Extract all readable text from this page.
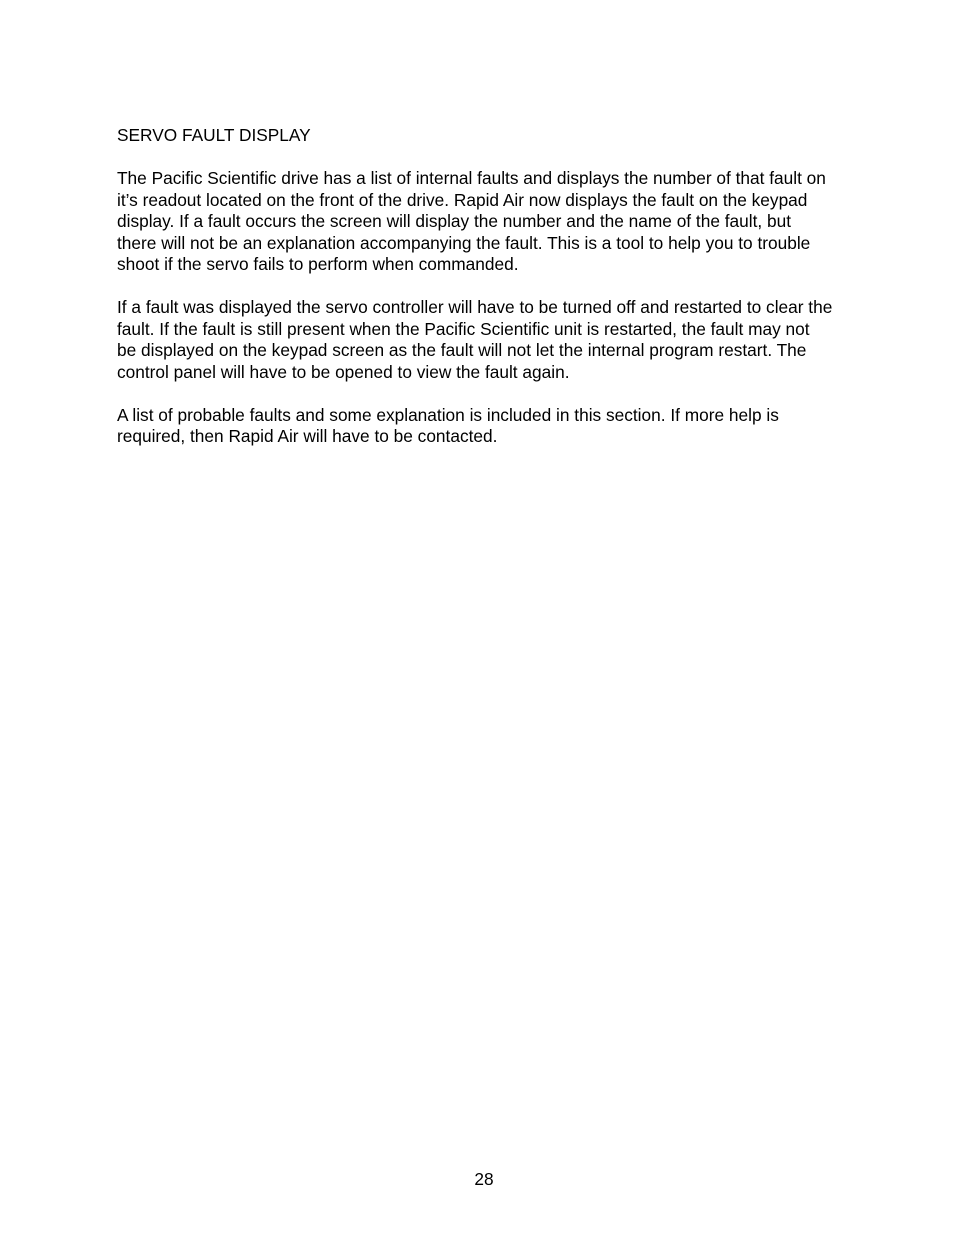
SERVO FAULT DISPLAY

The Pacific Scientific drive has a list of internal faults and displays the number of that fault on
it’s readout located on the front of the drive. Rapid Air now displays the fault on the keypad
display. If a fault occurs the screen will display the number and the name of the fault, but
there will not be an explanation accompanying the fault. This is a tool to help you to trouble
shoot if the servo fails to perform when commanded.

If a fault was displayed the servo controller will have to be turned off and restarted to clear the
fault. If the fault is still present when the Pacific Scientific unit is restarted, the fault may not
be displayed on the keypad screen as the fault will not let the internal program restart. The
control panel will have to be opened to view the fault again.

A list of probable faults and some explanation is included in this section. If more help is
required, then Rapid Air will have to be contacted.

28
